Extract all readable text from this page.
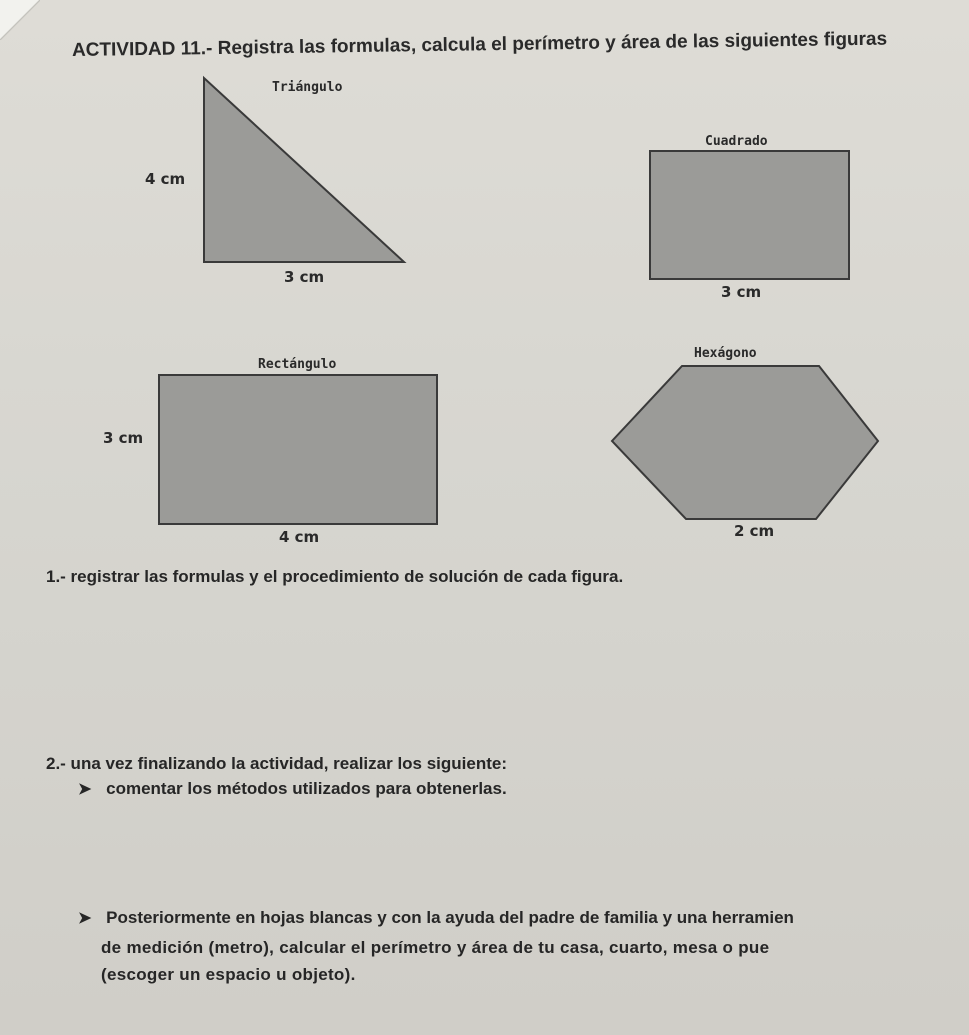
ACTIVIDAD 11.- Registra las formulas, calcula el perímetro y área de las siguientes figuras
Triángulo
4 cm
3 cm
Cuadrado
3 cm
Rectángulo
3 cm
4 cm
Hexágono
2 cm
1.- registrar las formulas y el procedimiento de solución de cada figura.
2.- una vez finalizando la actividad, realizar los siguiente:
➤ comentar los métodos utilizados para obtenerlas.
➤ Posteriormente en hojas blancas y con la ayuda del padre de familia y una herramien
de medición (metro), calcular el perímetro y área de tu casa, cuarto, mesa o pue
(escoger un espacio u objeto).
